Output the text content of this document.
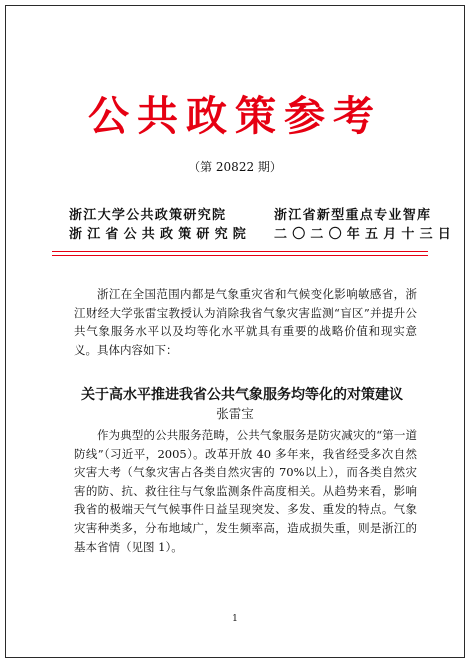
公共政策参考
（第 20822 期）
浙江大学公共政策研究院
浙江省公共政策研究院
浙江省新型重点专业智库
二〇二〇年五月十三日

浙江在全国范围内都是气象重灾省和气候变化影响敏感省，浙江财经大学张雷宝教授认为消除我省气象灾害监测“盲区”并提升公共气象服务水平以及均等化水平就具有重要的战略价值和现实意义。具体内容如下：

关于高水平推进我省公共气象服务均等化的对策建议
张雷宝

作为典型的公共服务范畴，公共气象服务是防灾减灾的“第一道防线”（习近平，2005）。改革开放 40 多年来，我省经受多次自然灾害大考（气象灾害占各类自然灾害的 70%以上），而各类自然灾害的防、抗、救往往与气象监测条件高度相关。从趋势来看，影响我省的极端天气气候事件日益呈现突发、多发、重发的特点。气象灾害种类多，分布地域广，发生频率高，造成损失重，则是浙江的基本省情（见图 1）。

1
